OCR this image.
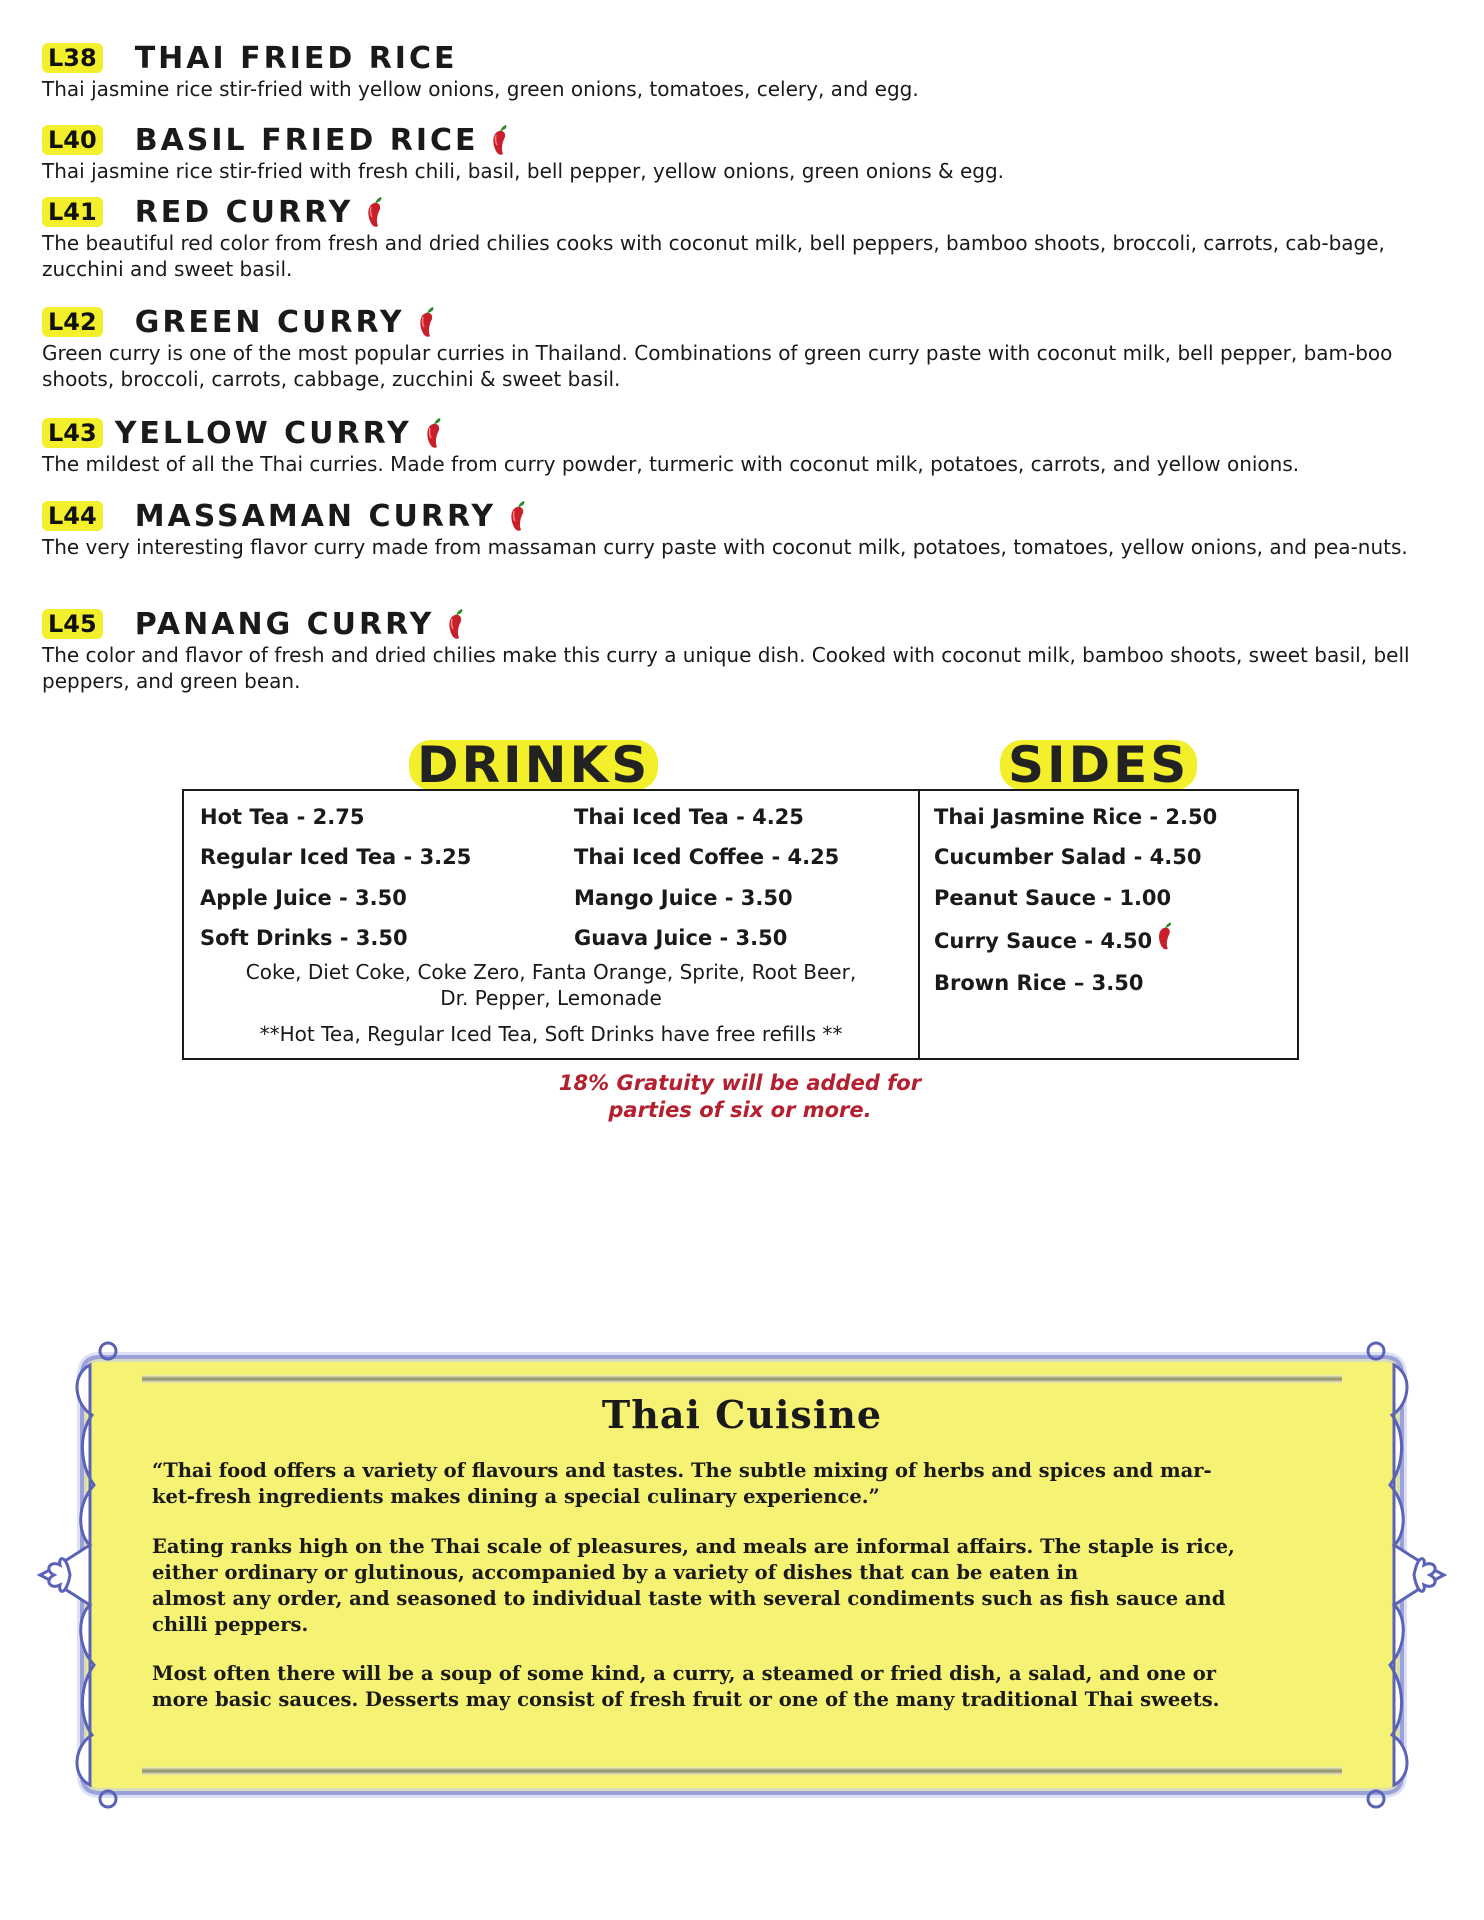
L38 THAI FRIED RICE
Thai jasmine rice stir-fried with yellow onions, green onions, tomatoes, celery, and egg.
L40 BASIL FRIED RICE
Thai jasmine rice stir-fried with fresh chili, basil, bell pepper, yellow onions, green onions & egg.
L41 RED CURRY
The beautiful red color from fresh and dried chilies cooks with coconut milk, bell peppers, bamboo shoots, broccoli, carrots, cab-bage, zucchini and sweet basil.
L42 GREEN CURRY
Green curry is one of the most popular curries in Thailand. Combinations of green curry paste with coconut milk, bell pepper, bam-boo shoots, broccoli, carrots, cabbage, zucchini & sweet basil.
L43 YELLOW CURRY
The mildest of all the Thai curries. Made from curry powder, turmeric with coconut milk, potatoes, carrots, and yellow onions.
L44 MASSAMAN CURRY
The very interesting flavor curry made from massaman curry paste with coconut milk, potatoes, tomatoes, yellow onions, and pea-nuts.
L45 PANANG CURRY
The color and flavor of fresh and dried chilies make this curry a unique dish. Cooked with coconut milk, bamboo shoots, sweet basil, bell peppers, and green bean.
DRINKS	SIDES
Hot Tea - 2.75
Regular Iced Tea - 3.25
Apple Juice - 3.50
Soft Drinks - 3.50
Thai Iced Tea - 4.25
Thai Iced Coffee - 4.25
Mango Juice - 3.50
Guava Juice - 3.50
Coke, Diet Coke, Coke Zero, Fanta Orange, Sprite, Root Beer,
Dr. Pepper, Lemonade
**Hot Tea, Regular Iced Tea, Soft Drinks have free refills **
Thai Jasmine Rice - 2.50
Cucumber Salad - 4.50
Peanut Sauce - 1.00
Curry Sauce - 4.50
Brown Rice – 3.50
18% Gratuity will be added for
parties of six or more.
Thai Cuisine
“Thai food offers a variety of flavours and tastes. The subtle mixing of herbs and spices and mar-
ket-fresh ingredients makes dining a special culinary experience.”
Eating ranks high on the Thai scale of pleasures, and meals are informal affairs. The staple is rice,
either ordinary or glutinous, accompanied by a variety of dishes that can be eaten in
almost any order, and seasoned to individual taste with several condiments such as fish sauce and
chilli peppers.
Most often there will be a soup of some kind, a curry, a steamed or fried dish, a salad, and one or
more basic sauces. Desserts may consist of fresh fruit or one of the many traditional Thai sweets.
